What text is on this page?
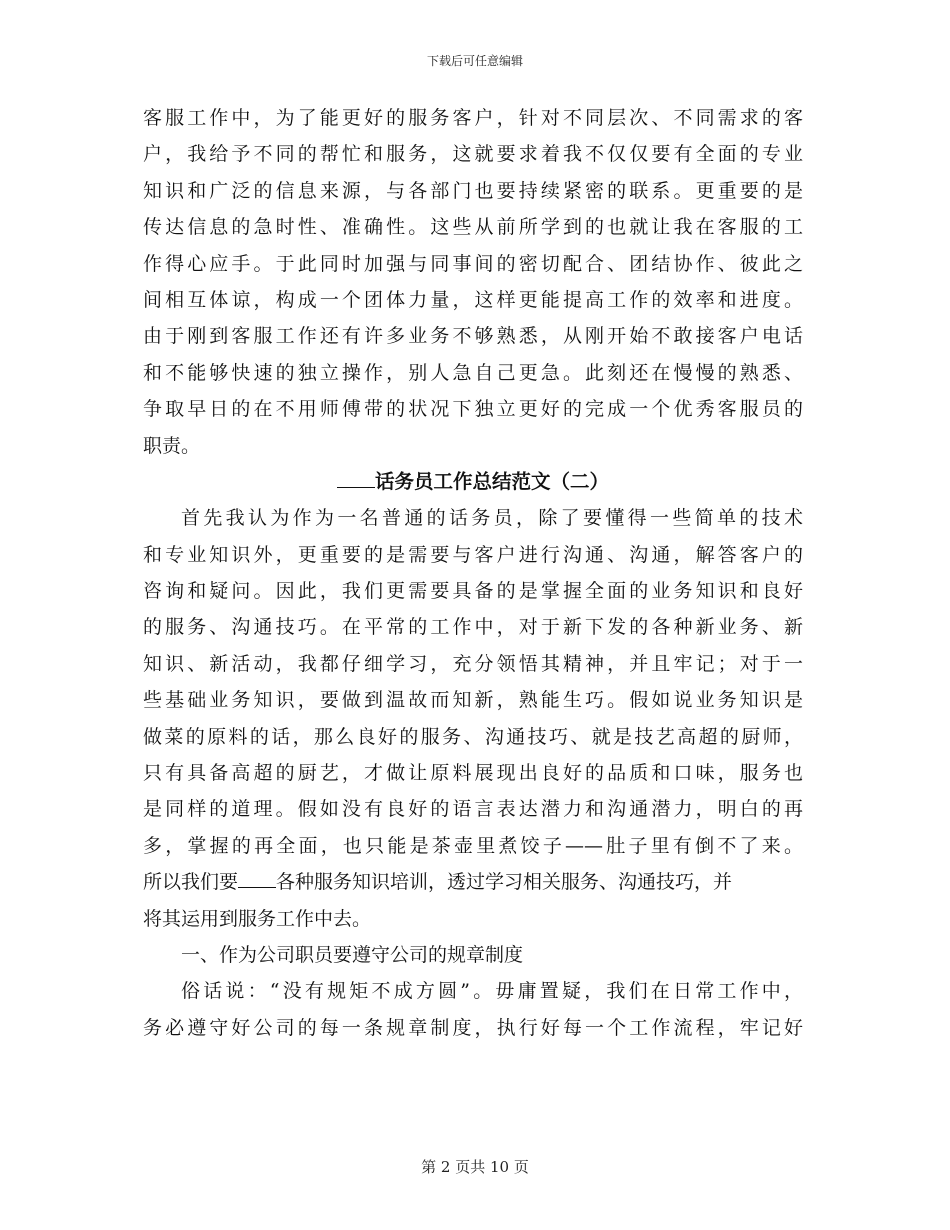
下载后可任意编辑
客服工作中，为了能更好的服务客户，针对不同层次、不同需求的客
户，我给予不同的帮忙和服务，这就要求着我不仅仅要有全面的专业
知识和广泛的信息来源，与各部门也要持续紧密的联系。更重要的是
传达信息的急时性、准确性。这些从前所学到的也就让我在客服的工
作得心应手。于此同时加强与同事间的密切配合、团结协作、彼此之
间相互体谅，构成一个团体力量，这样更能提高工作的效率和进度。
由于刚到客服工作还有许多业务不够熟悉，从刚开始不敢接客户电话
和不能够快速的独立操作，别人急自己更急。此刻还在慢慢的熟悉、
争取早日的在不用师傅带的状况下独立更好的完成一个优秀客服员的
职责。
话务员工作总结范文（二）
首先我认为作为一名普通的话务员，除了要懂得一些简单的技术
和专业知识外，更重要的是需要与客户进行沟通、沟通，解答客户的
咨询和疑问。因此，我们更需要具备的是掌握全面的业务知识和良好
的服务、沟通技巧。在平常的工作中，对于新下发的各种新业务、新
知识、新活动，我都仔细学习，充分领悟其精神，并且牢记；对于一
些基础业务知识，要做到温故而知新，熟能生巧。假如说业务知识是
做菜的原料的话，那么良好的服务、沟通技巧、就是技艺高超的厨师，
只有具备高超的厨艺，才做让原料展现出良好的品质和口味，服务也
是同样的道理。假如没有良好的语言表达潜力和沟通潜力，明白的再
多，掌握的再全面，也只能是茶壶里煮饺子——肚子里有倒不了来。
所以我们要 各种服务知识培训，透过学习相关服务、沟通技巧，并
将其运用到服务工作中去。
一、作为公司职员要遵守公司的规章制度
俗话说：“没有规矩不成方圆”。毋庸置疑，我们在日常工作中，
务必遵守好公司的每一条规章制度，执行好每一个工作流程，牢记好
第 2 页共 10 页
